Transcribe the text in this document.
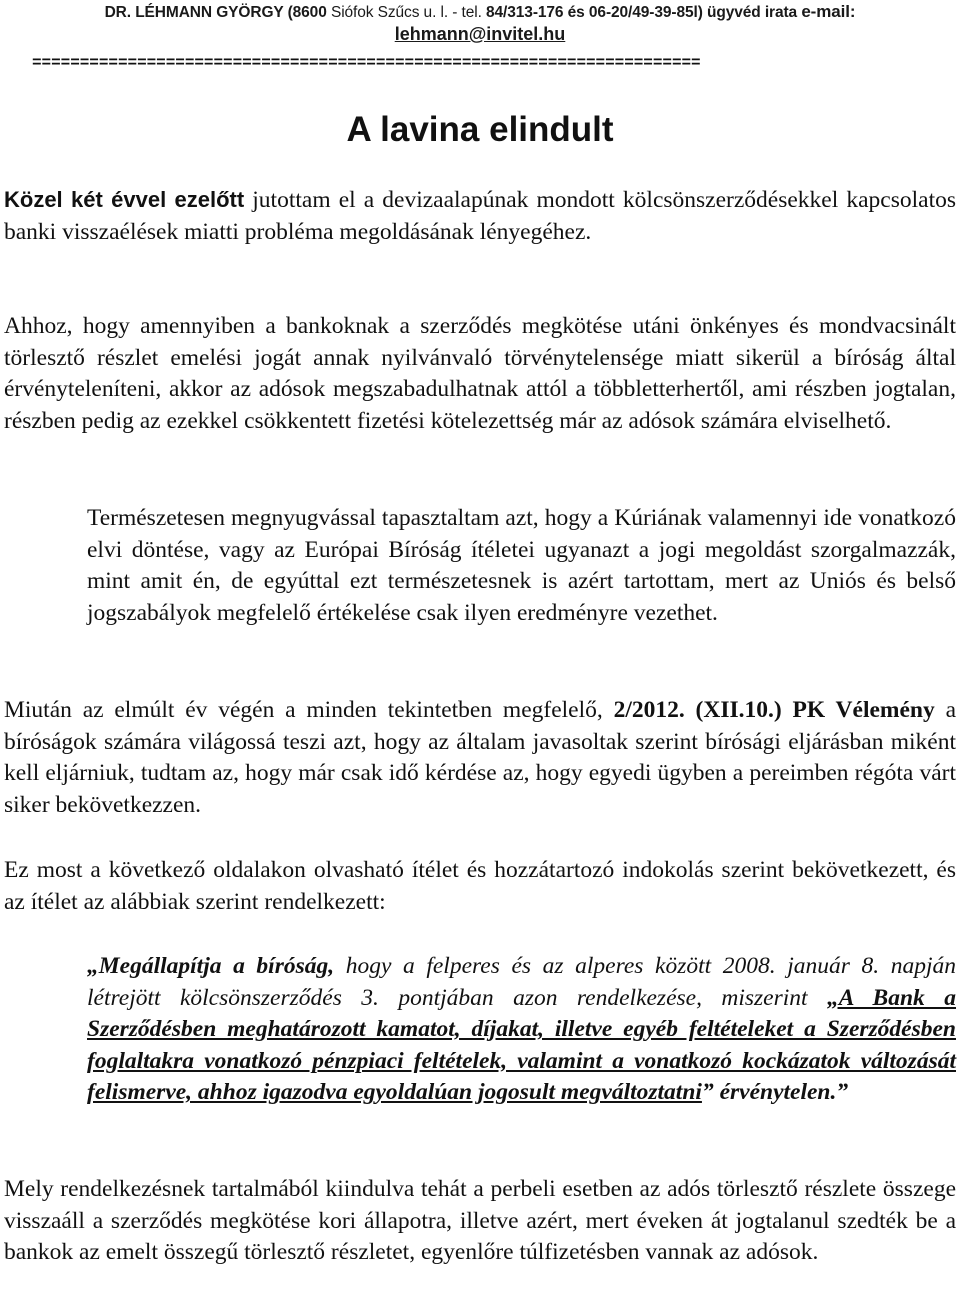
DR. LÉHMANN GYÖRGY (8600 Siófok Szűcs u. l. - tel. 84/313-176 és 06-20/49-39-85l) ügyvéd irata e-mail:
lehmann@invitel.hu
======================================================================
A lavina elindult
Közel két évvel ezelőtt jutottam el a devizaalapúnak mondott kölcsönszerződésekkel kapcsolatos banki visszaélések miatti probléma megoldásának lényegéhez.
Ahhoz, hogy amennyiben a bankoknak a szerződés megkötése utáni önkényes és mondvacsinált törlesztő részlet emelési jogát annak nyilvánvaló törvénytelensége miatt sikerül a bíróság által érvényteleníteni, akkor az adósok megszabadulhatnak attól a többletterhertől, ami részben jogtalan, részben pedig az ezekkel csökkentett fizetési kötelezettség már az adósok számára elviselhető.
Természetesen megnyugvással tapasztaltam azt, hogy a Kúriának valamennyi ide vonatkozó elvi döntése, vagy az Európai Bíróság ítéletei ugyanazt a jogi megoldást szorgalmazzák, mint amit én, de egyúttal ezt természetesnek is azért tartottam, mert az Uniós és belső jogszabályok megfelelő értékelése csak ilyen eredményre vezethet.
Miután az elmúlt év végén a minden tekintetben megfelelő, 2/2012. (XII.10.) PK Vélemény a bíróságok számára világossá teszi azt, hogy az általam javasoltak szerint bírósági eljárásban miként kell eljárniuk, tudtam az, hogy már csak idő kérdése az, hogy egyedi ügyben a pereimben régóta várt siker bekövetkezzen.
Ez most a következő oldalakon olvasható ítélet és hozzátartozó indokolás szerint bekövetkezett, és az ítélet az alábbiak szerint rendelkezett:
„Megállapítja a bíróság, hogy a felperes és az alperes között 2008. január 8. napján létrejött kölcsönszerződés 3. pontjában azon rendelkezése, miszerint „A Bank a Szerződésben meghatározott kamatot, díjakat, illetve egyéb feltételeket a Szerződésben foglaltakra vonatkozó pénzpiaci feltételek, valamint a vonatkozó kockázatok változását felismerve, ahhoz igazodva egyoldalúan jogosult megváltoztatni” érvénytelen.”
Mely rendelkezésnek tartalmából kiindulva tehát a perbeli esetben az adós törlesztő részlete összege visszaáll a szerződés megkötése kori állapotra, illetve azért, mert éveken át jogtalanul szedték be a bankok az emelt összegű törlesztő részletet, egyenlőre túlfizetésben vannak az adósok.
